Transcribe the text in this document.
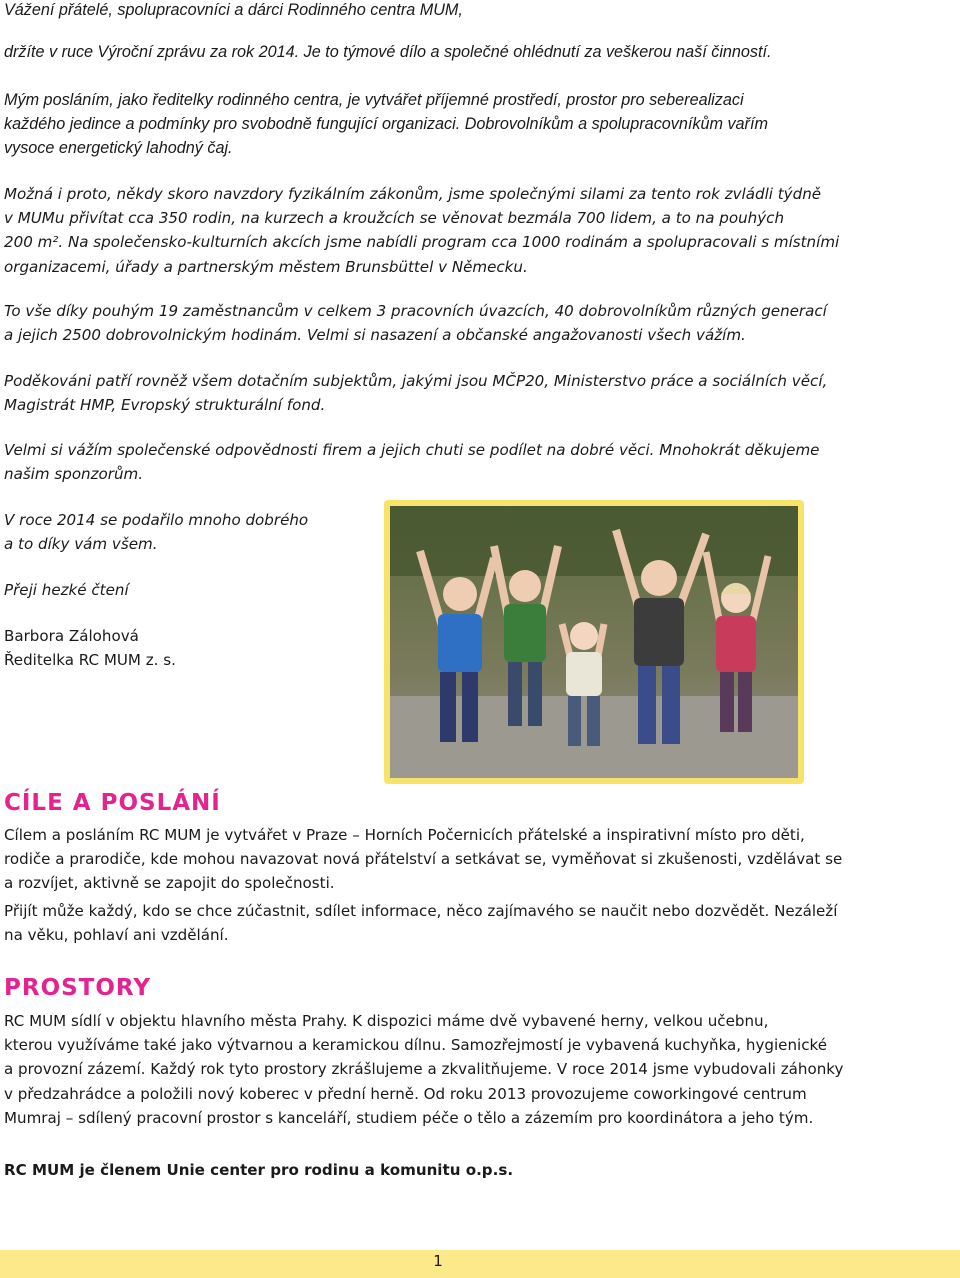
Vážení přátelé, spolupracovníci a dárci Rodinného centra MUM,

držíte v ruce Výroční zprávu za rok 2014. Je to týmové dílo a společné ohlédnutí za veškerou naší činností.

Mým posláním, jako ředitelky rodinného centra, je vytvářet příjemné prostředí, prostor pro seberealizaci

každého jedince a podmínky pro svobodně fungující organizaci. Dobrovolníkům a spolupracovníkům vařím

vysoce energetický lahodný čaj.

Možná i proto, někdy skoro navzdory fyzikálním zákonům, jsme společnými silami za tento rok zvládli týdně
v MUMu přivítat cca 350 rodin, na kurzech a kroužcích se věnovat bezmála 700 lidem, a to na pouhých
200 m². Na společensko-kulturních akcích jsme nabídli program cca 1000 rodinám a spolupracovali s místními
organizacemi, úřady a partnerským městem Brunsbüttel v Německu.
To vše díky pouhým 19 zaměstnancům v celkem 3 pracovních úvazcích, 40 dobrovolníkům různých generací
a jejich 2500 dobrovolnickým hodinám. Velmi si nasazení a občanské angažovanosti všech vážím.
Poděkováni patří rovněž všem dotačním subjektům, jakými jsou MČP20, Ministerstvo práce a sociálních věcí,
Magistrát HMP, Evropský strukturální fond.
Velmi si vážím společenské odpovědnosti firem a jejich chuti se podílet na dobré věci. Mnohokrát děkujeme
našim sponzorům.
V roce 2014 se podařilo mnoho dobrého
a to díky vám všem.
Přeji hezké čtení
Barbora Zálohová
Ředitelka RC MUM z. s.
CÍLE A POSLÁNÍ
Cílem a posláním RC MUM je vytvářet v Praze – Horních Počernicích přátelské a inspirativní místo pro děti,
rodiče a prarodiče, kde mohou navazovat nová přátelství a setkávat se, vyměňovat si zkušenosti, vzdělávat se
a rozvíjet, aktivně se zapojit do společnosti.
Přijít může každý, kdo se chce zúčastnit, sdílet informace, něco zajímavého se naučit nebo dozvědět. Nezáleží
na věku, pohlaví ani vzdělání.
PROSTORY
RC MUM sídlí v objektu hlavního města Prahy. K dispozici máme dvě vybavené herny, velkou učebnu,
kterou využíváme také jako výtvarnou a keramickou dílnu. Samozřejmostí je vybavená kuchyňka, hygienické
a provozní zázemí. Každý rok tyto prostory zkrášlujeme a zkvalitňujeme. V roce 2014 jsme vybudovali záhonky
v předzahrádce a položili nový koberec v přední herně. Od roku 2013 provozujeme coworkingové centrum
Mumraj – sdílený pracovní prostor s kanceláří, studiem péče o tělo a zázemím pro koordinátora a jeho tým.
RC MUM je členem Unie center pro rodinu a komunitu o.p.s.
1
